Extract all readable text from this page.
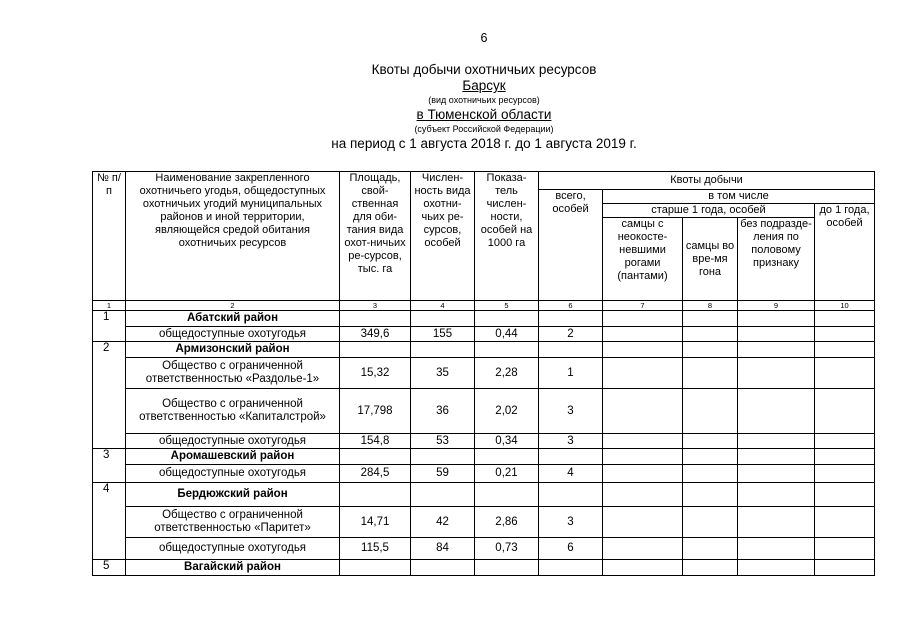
6
Квоты добычи охотничьих ресурсов
Барсук
(вид охотничьих ресурсов)
в Тюменской области
(субъект Российской Федерации)
на период с 1 августа 2018 г. до 1 августа 2019 г.
№ п/п	Наименование закрепленного охотничьего угодья, общедоступных охотничьих угодий муниципальных районов и иной территории, являющейся средой обитания охотничьих ресурсов	Площадь, свой-ственная для оби-тания вида охот-ничьих ре-сурсов, тыс. га	Числен-ность вида охотни-чьих ре-сурсов, особей	Показа-тель числен-ности, особей на 1000 га	Квоты добычи				
					всего, особей	в том числе			
						старше 1 года, особей			до 1 года, особей
						самцы с неокосте-невшими рогами (пантами)	самцы во вре-мя гона	без подразде-ления по половому признаку	
1	2	3	4	5	6	7	8	9	10
1	Абатский район								
	общедоступные охотугодья	349,6	155	0,44	2				
2	Армизонский район								
	Общество с ограниченной ответственностью «Раздолье-1»	15,32	35	2,28	1				
	Общество с ограниченной ответственностью «Капиталстрой»	17,798	36	2,02	3				
	общедоступные охотугодья	154,8	53	0,34	3				
3	Аромашевский район								
	общедоступные охотугодья	284,5	59	0,21	4				
4	Бердюжский район								
	Общество с ограниченной ответственностью «Паритет»	14,71	42	2,86	3				
	общедоступные охотугодья	115,5	84	0,73	6				
5	Вагайский район								
